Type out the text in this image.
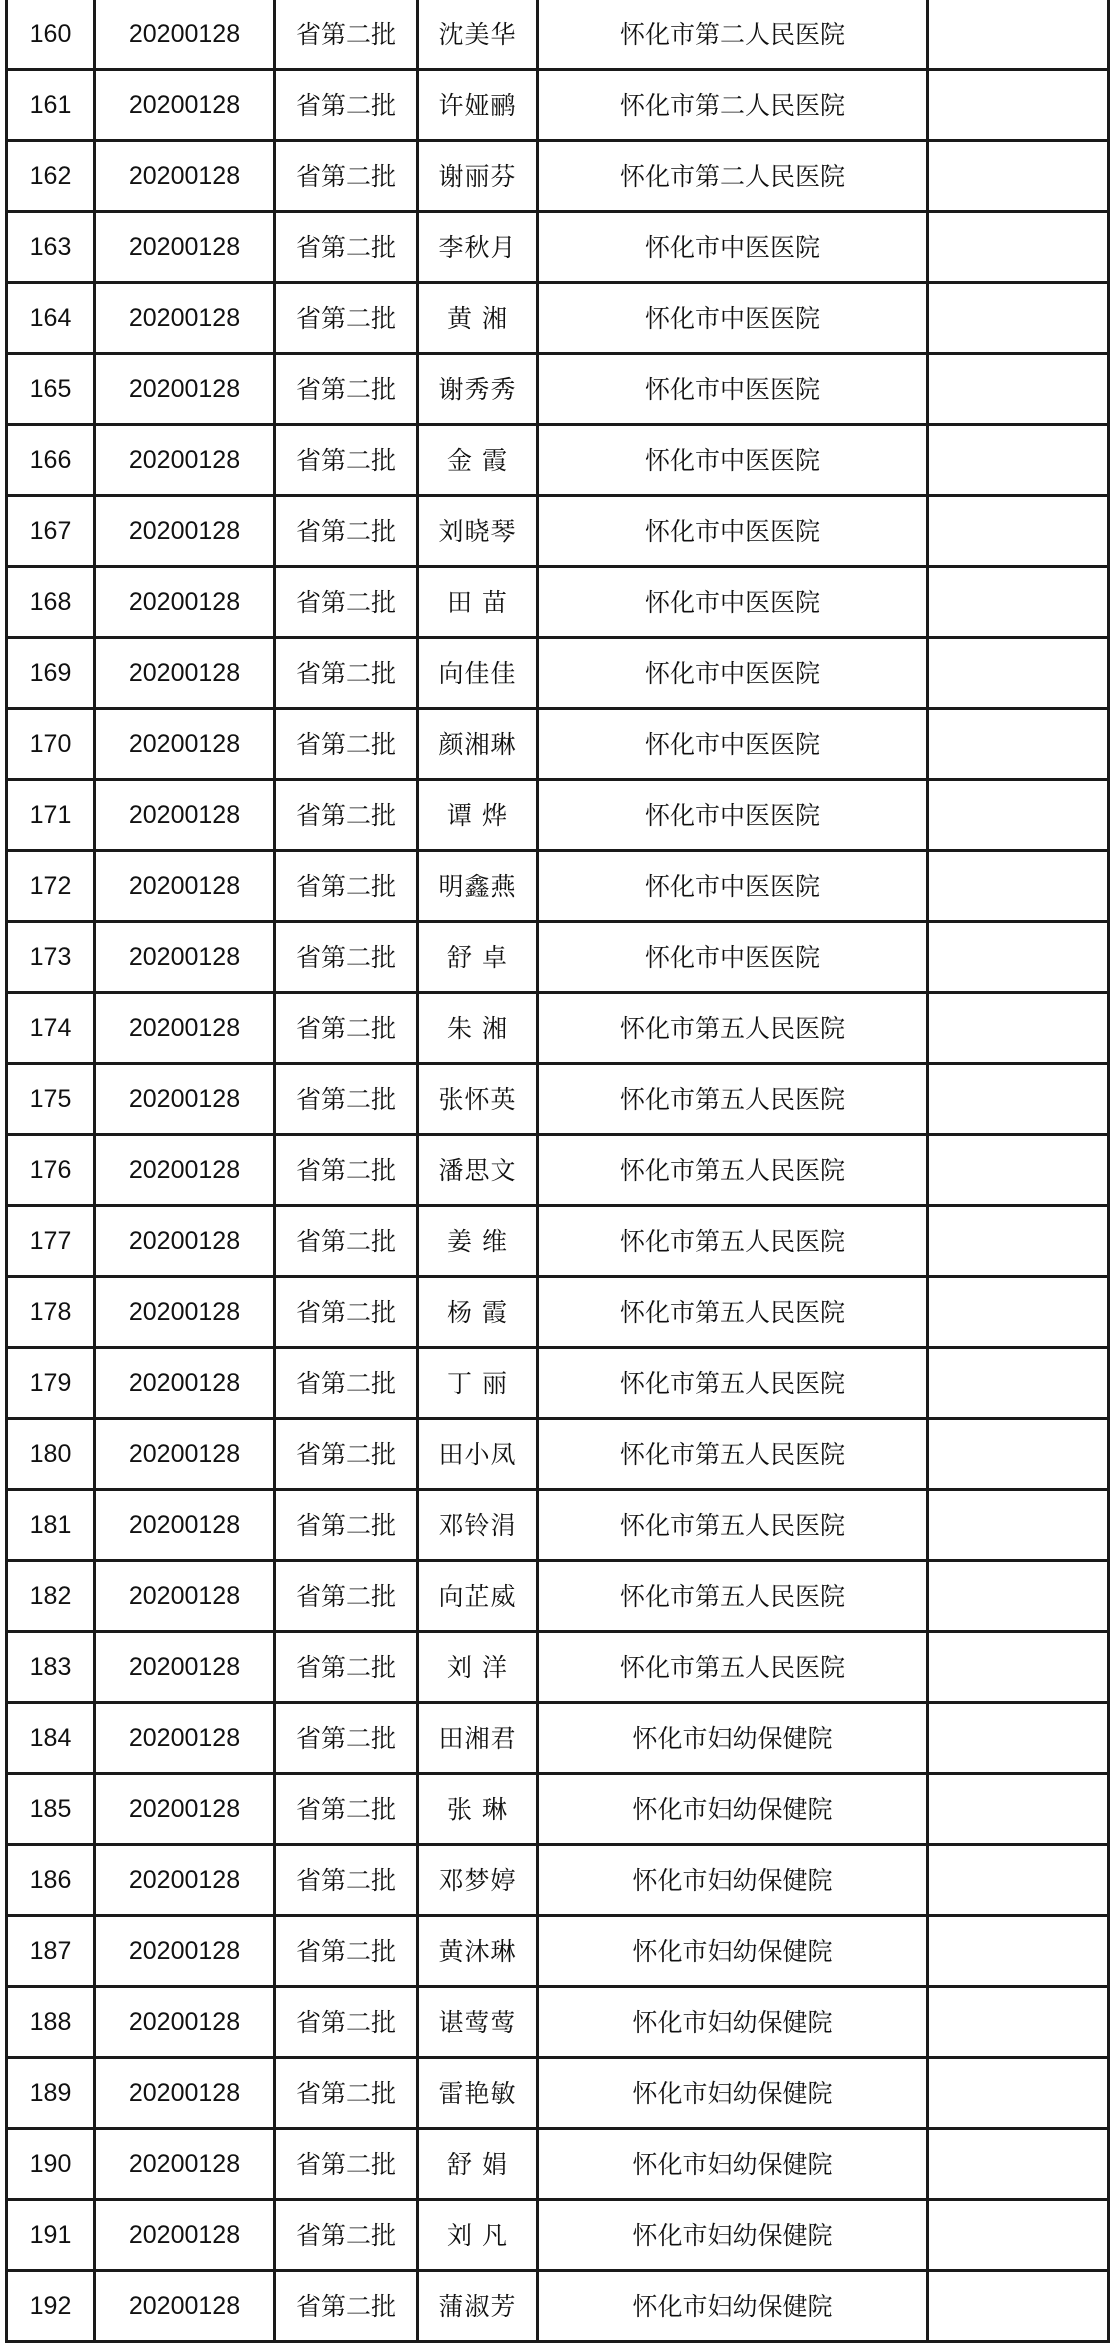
160	20200128	省第二批	沈美华	怀化市第二人民医院	
161	20200128	省第二批	许娅鹂	怀化市第二人民医院	
162	20200128	省第二批	谢丽芬	怀化市第二人民医院	
163	20200128	省第二批	李秋月	怀化市中医医院	
164	20200128	省第二批	黄 湘	怀化市中医医院	
165	20200128	省第二批	谢秀秀	怀化市中医医院	
166	20200128	省第二批	金 霞	怀化市中医医院	
167	20200128	省第二批	刘晓琴	怀化市中医医院	
168	20200128	省第二批	田 苗	怀化市中医医院	
169	20200128	省第二批	向佳佳	怀化市中医医院	
170	20200128	省第二批	颜湘琳	怀化市中医医院	
171	20200128	省第二批	谭 烨	怀化市中医医院	
172	20200128	省第二批	明鑫燕	怀化市中医医院	
173	20200128	省第二批	舒 卓	怀化市中医医院	
174	20200128	省第二批	朱 湘	怀化市第五人民医院	
175	20200128	省第二批	张怀英	怀化市第五人民医院	
176	20200128	省第二批	潘思文	怀化市第五人民医院	
177	20200128	省第二批	姜 维	怀化市第五人民医院	
178	20200128	省第二批	杨 霞	怀化市第五人民医院	
179	20200128	省第二批	丁 丽	怀化市第五人民医院	
180	20200128	省第二批	田小凤	怀化市第五人民医院	
181	20200128	省第二批	邓铃涓	怀化市第五人民医院	
182	20200128	省第二批	向芷威	怀化市第五人民医院	
183	20200128	省第二批	刘 洋	怀化市第五人民医院	
184	20200128	省第二批	田湘君	怀化市妇幼保健院	
185	20200128	省第二批	张 琳	怀化市妇幼保健院	
186	20200128	省第二批	邓梦婷	怀化市妇幼保健院	
187	20200128	省第二批	黄沐琳	怀化市妇幼保健院	
188	20200128	省第二批	谌莺莺	怀化市妇幼保健院	
189	20200128	省第二批	雷艳敏	怀化市妇幼保健院	
190	20200128	省第二批	舒 娟	怀化市妇幼保健院	
191	20200128	省第二批	刘 凡	怀化市妇幼保健院	
192	20200128	省第二批	蒲淑芳	怀化市妇幼保健院	
